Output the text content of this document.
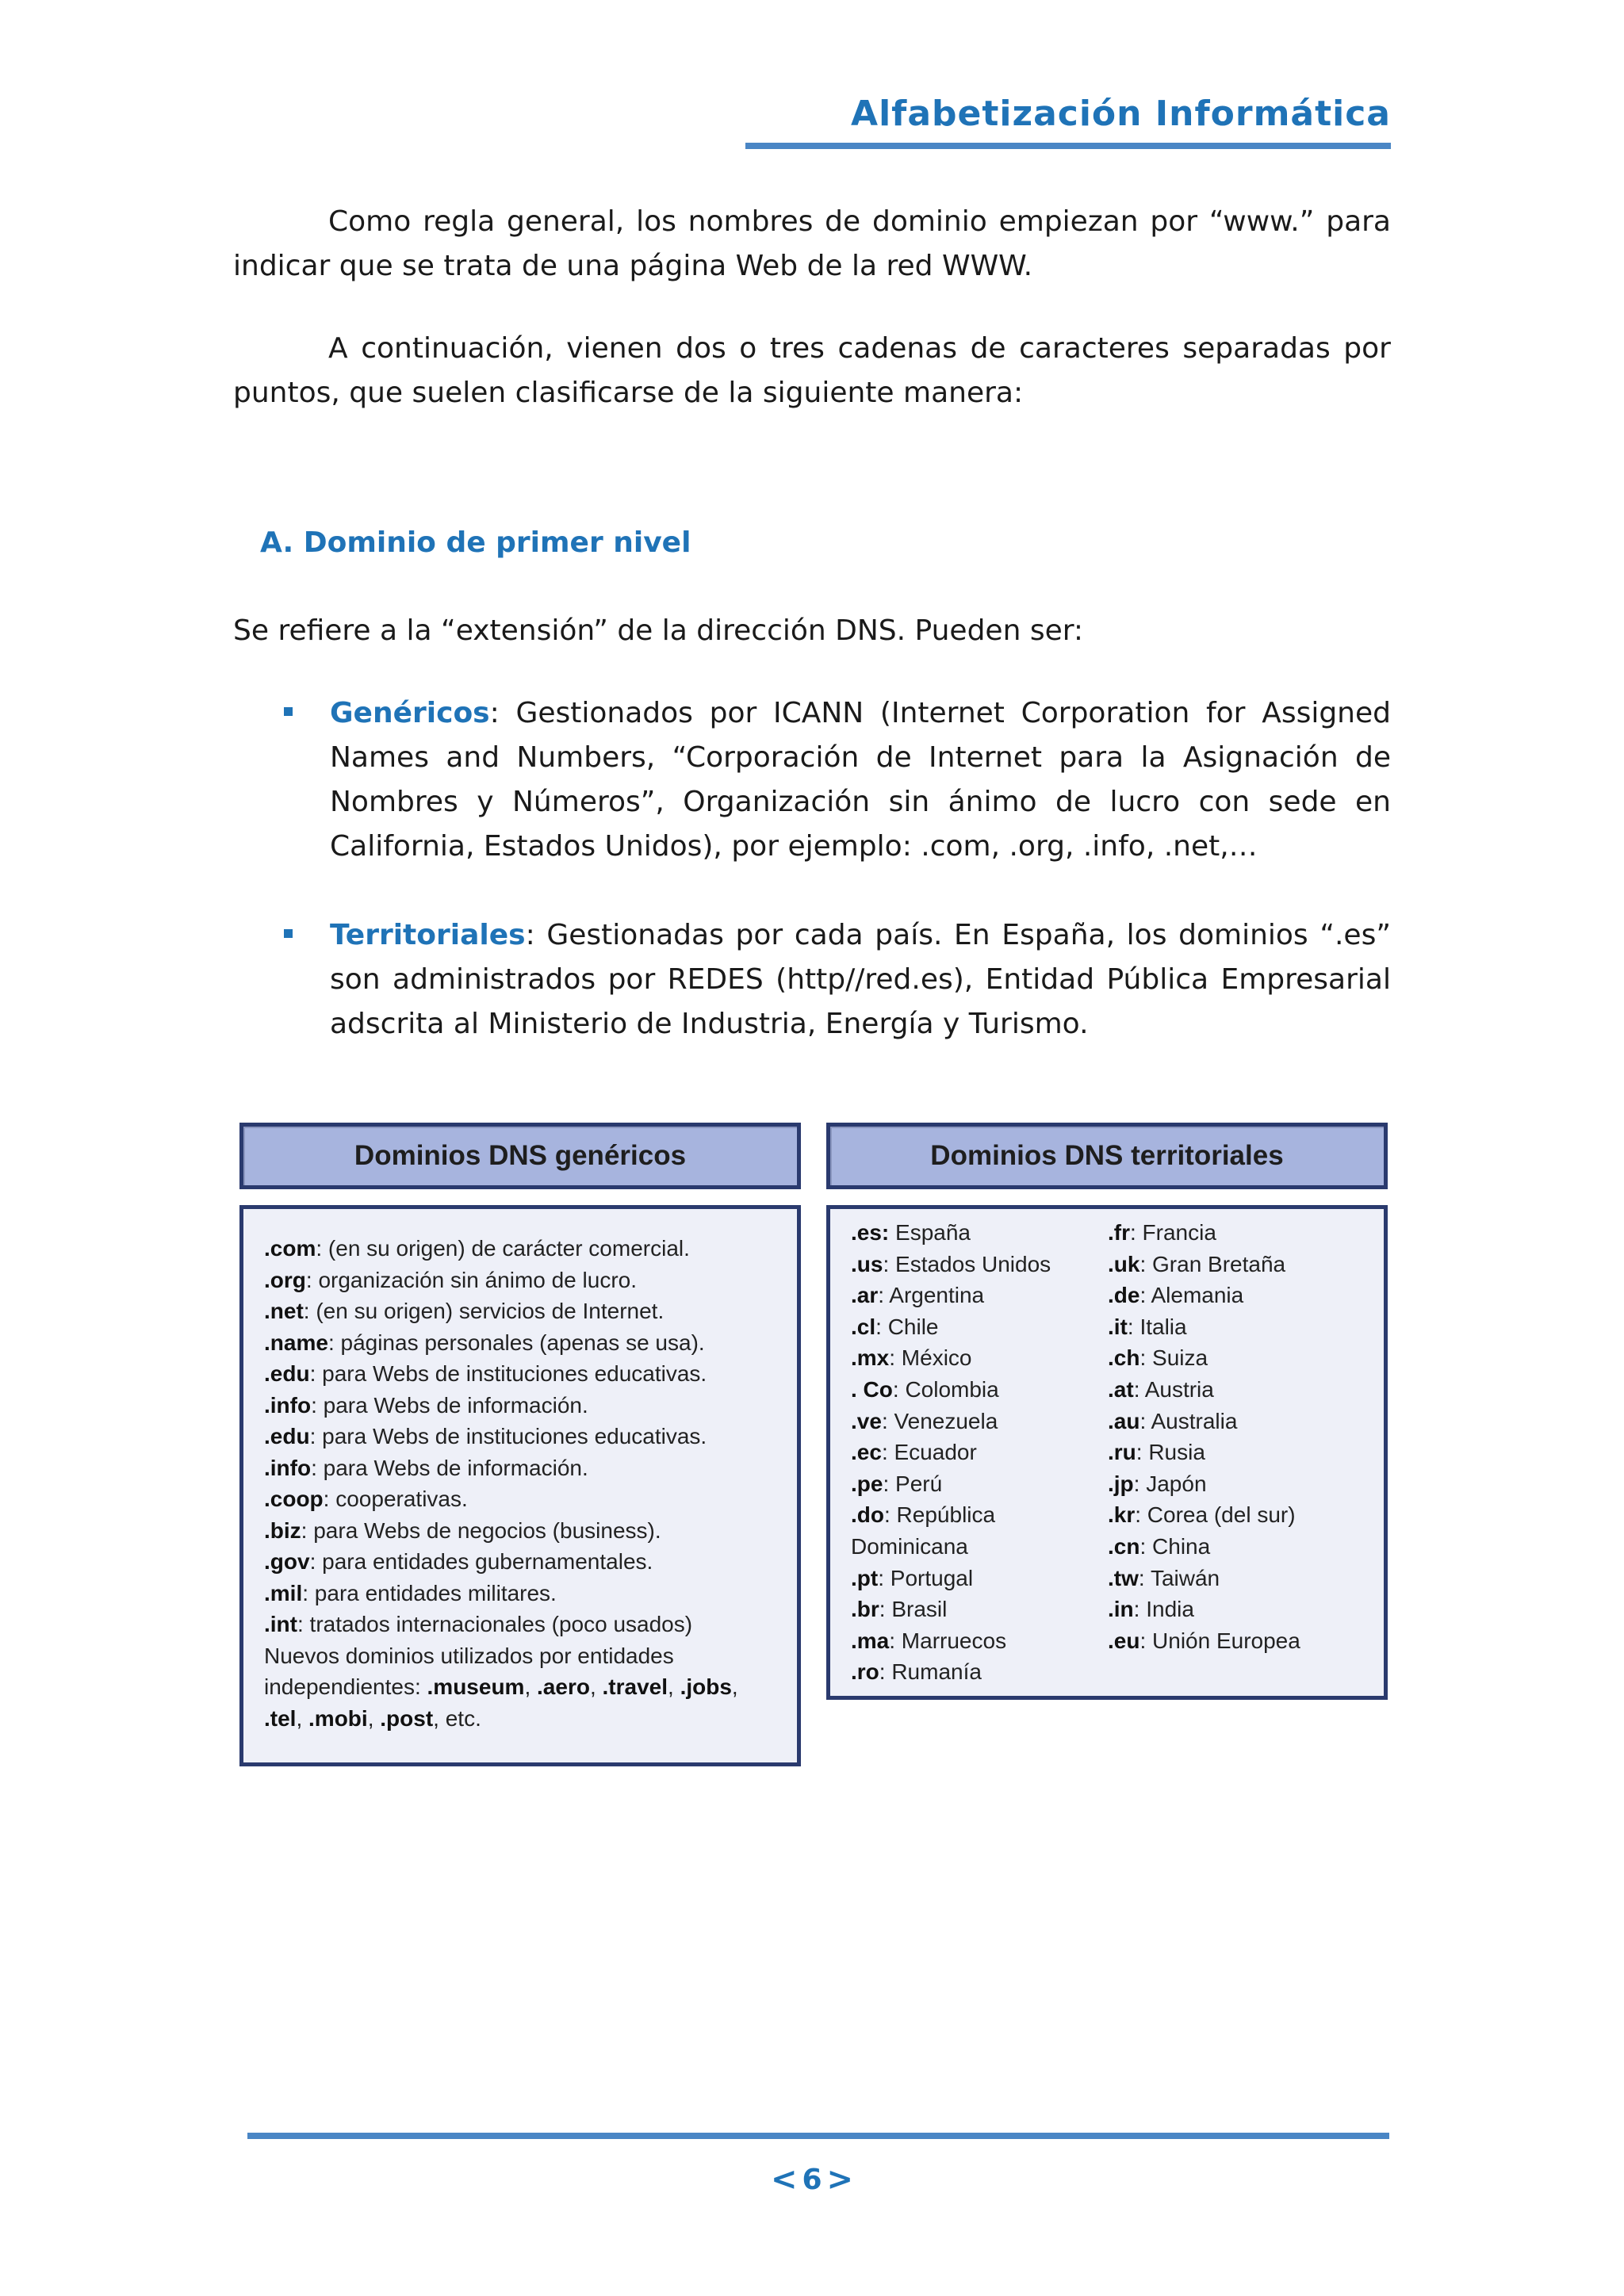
Alfabetización Informática

Como regla general, los nombres de dominio empiezan por “www.” para indicar que se trata de una página Web de la red WWW.

A continuación, vienen dos o tres cadenas de caracteres separadas por puntos, que suelen clasificarse de la siguiente manera:

A. Dominio de primer nivel

Se refiere a la “extensión” de la dirección DNS. Pueden ser:

Genéricos: Gestionados por ICANN (Internet Corporation for Assigned Names and Numbers, “Corporación de Internet para la Asignación de Nombres y Números”, Organización sin ánimo de lucro con sede en California, Estados Unidos), por ejemplo: .com, .org, .info, .net,…
Territoriales: Gestionadas por cada país. En España, los dominios “.es” son administrados por REDES (http//red.es), Entidad Pública Empresarial adscrita al Ministerio de Industria, Energía y Turismo.
Dominios DNS genéricos
.com: (en su origen) de carácter comercial.
.org: organización sin ánimo de lucro.
.net: (en su origen) servicios de Internet.
.name: páginas personales (apenas se usa).
.edu: para Webs de instituciones educativas.
.info: para Webs de información.
.edu: para Webs de instituciones educativas.
.info: para Webs de información.
.coop: cooperativas.
.biz: para Webs de negocios (business).
.gov: para entidades gubernamentales.
.mil: para entidades militares.
.int: tratados internacionales (poco usados)
Nuevos dominios utilizados por entidades
independientes: .museum, .aero, .travel, .jobs,
.tel, .mobi, .post, etc.
Dominios DNS territoriales
.es: España
.us: Estados Unidos
.ar: Argentina
.cl: Chile
.mx: México
. Co: Colombia
.ve: Venezuela
.ec: Ecuador
.pe: Perú
.do: República
Dominicana
.pt: Portugal
.br: Brasil
.ma: Marruecos
.ro: Rumanía
.fr: Francia
.uk: Gran Bretaña
.de: Alemania
.it: Italia
.ch: Suiza
.at: Austria
.au: Australia
.ru: Rusia
.jp: Japón
.kr: Corea (del sur)
.cn: China
.tw: Taiwán
.in: India
.eu: Unión Europea
< 6 >
